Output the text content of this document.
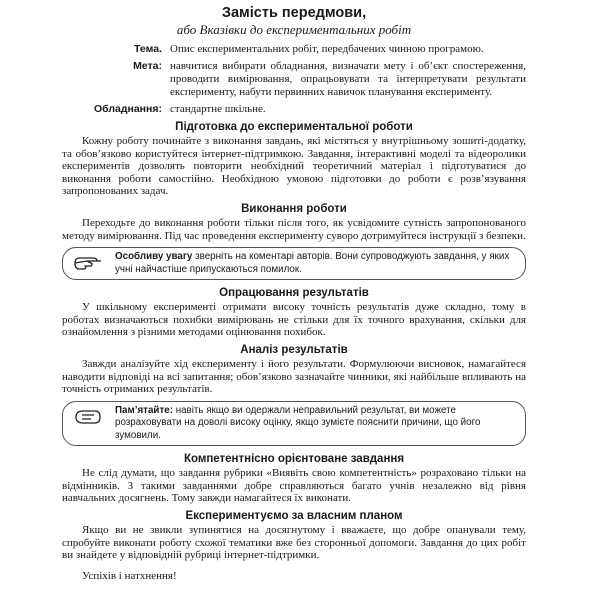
Замість передмови,
або Вказівки до експериментальних робіт
Тема. Опис експериментальних робіт, передбачених чинною програмою.
Мета: навчитися вибирати обладнання, визначати мету і об’єкт спостереження, проводити вимірювання, опрацьовувати та інтерпретувати результати експерименту, набути первинних навичок планування експерименту.
Обладнання: стандартне шкільне.
Підготовка до експериментальної роботи

Кожну роботу починайте з виконання завдань, які містяться у внутрішньому зошиті-додатку, та обов’язково користуйтеся інтернет-підтримкою. Завдання, інтерактивні моделі та відеоролики експериментів дозволять повторити необхідний теоретичний матеріал і підготуватися до виконання роботи самостійно. Необхідною умовою підготовки до роботи є розв’язування запропонованих задач.

Виконання роботи

Переходьте до виконання роботи тільки після того, як усвідомите сутність запропонованого методу вимірювання. Під час проведення експерименту суворо дотримуйтеся інструкції з безпеки.

Особливу увагу зверніть на коментарі авторів. Вони супроводжують завдання, у яких учні найчастіше припускаються помилок.
Опрацювання результатів

У шкільному експерименті отримати високу точність результатів дуже складно, тому в роботах визначаються похибки вимірювань не стільки для їх точного врахування, скільки для ознайомлення з різними методами оцінювання похибок.

Аналіз результатів

Завжди аналізуйте хід експерименту і його результати. Формулюючи висновок, намагайтеся наводити відповіді на всі запитання; обов’язково зазначайте чинники, які найбільше впливають на точність отриманих результатів.

Пам’ятайте: навіть якщо ви одержали неправильний результат, ви можете розраховувати на доволі високу оцінку, якщо зумієте пояснити причини, що його зумовили.
Компетентнісно орієнтоване завдання

Не слід думати, що завдання рубрики «Виявіть свою компетентність» розраховано тільки на відмінників. З такими завданнями добре справляються багато учнів незалежно від рівня навчальних досягнень. Тому завжди намагайтеся їх виконати.

Експериментуємо за власним планом

Якщо ви не звикли зупинятися на досягнутому і вважаєте, що добре опанували тему, спробуйте виконати роботу схожої тематики вже без сторонньої допомоги. Завдання до цих робіт ви знайдете у відповідній рубриці інтернет-підтримки.

Успіхів і натхнення!
